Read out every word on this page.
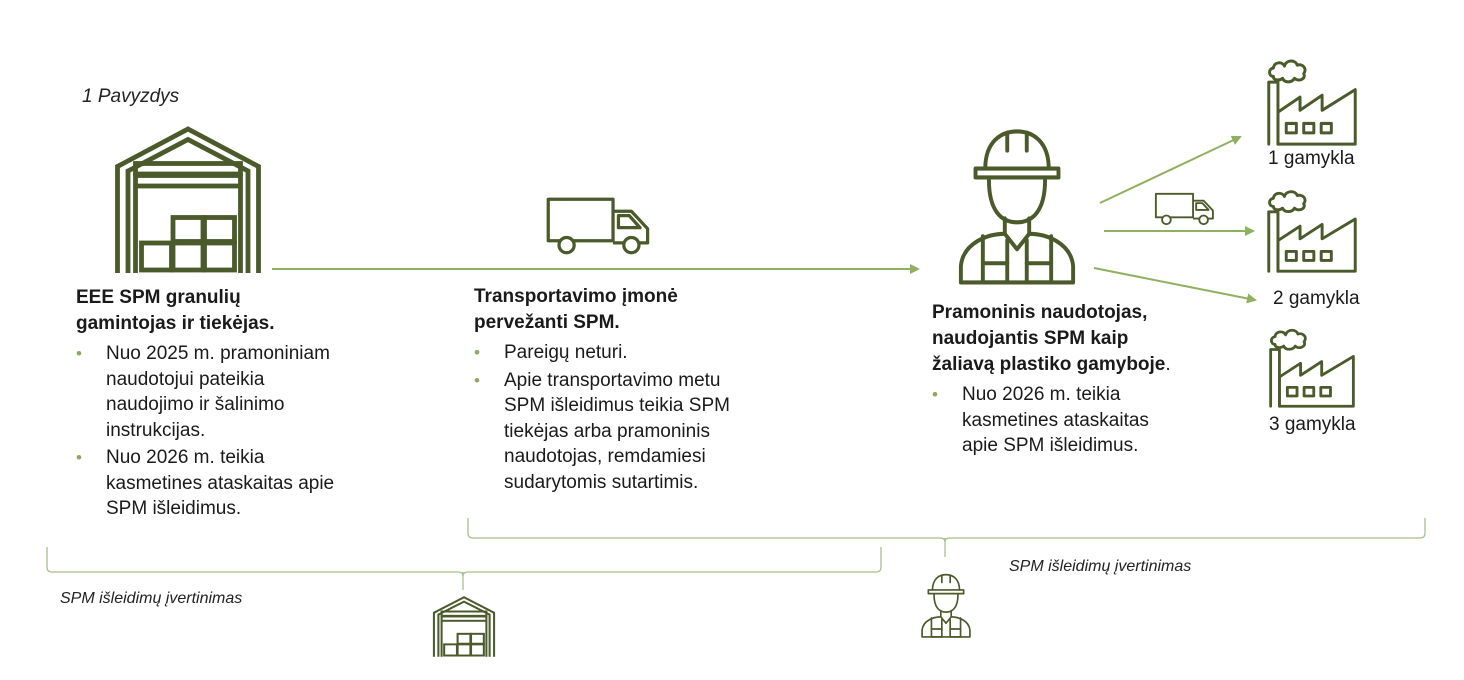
1 Pavyzdys
EEE SPM granulių
gamintojas ir tiekėjas.
• Nuo 2025 m. pramoniniam naudotojui pateikia naudojimo ir šalinimo instrukcijas.
• Nuo 2026 m. teikia kasmetines ataskaitas apie SPM išleidimus.
Transportavimo įmonė
pervežanti SPM.
• Pareigų neturi.
• Apie transportavimo metu SPM išleidimus teikia SPM tiekėjas arba pramoninis naudotojas, remdamiesi sudarytomis sutartimis.
Pramoninis naudotojas,
naudojantis SPM kaip
žaliavą plastiko gamyboje.
• Nuo 2026 m. teikia kasmetines ataskaitas apie SPM išleidimus.
1 gamykla
2 gamykla
3 gamykla
SPM išleidimų įvertinimas
SPM išleidimų įvertinimas
